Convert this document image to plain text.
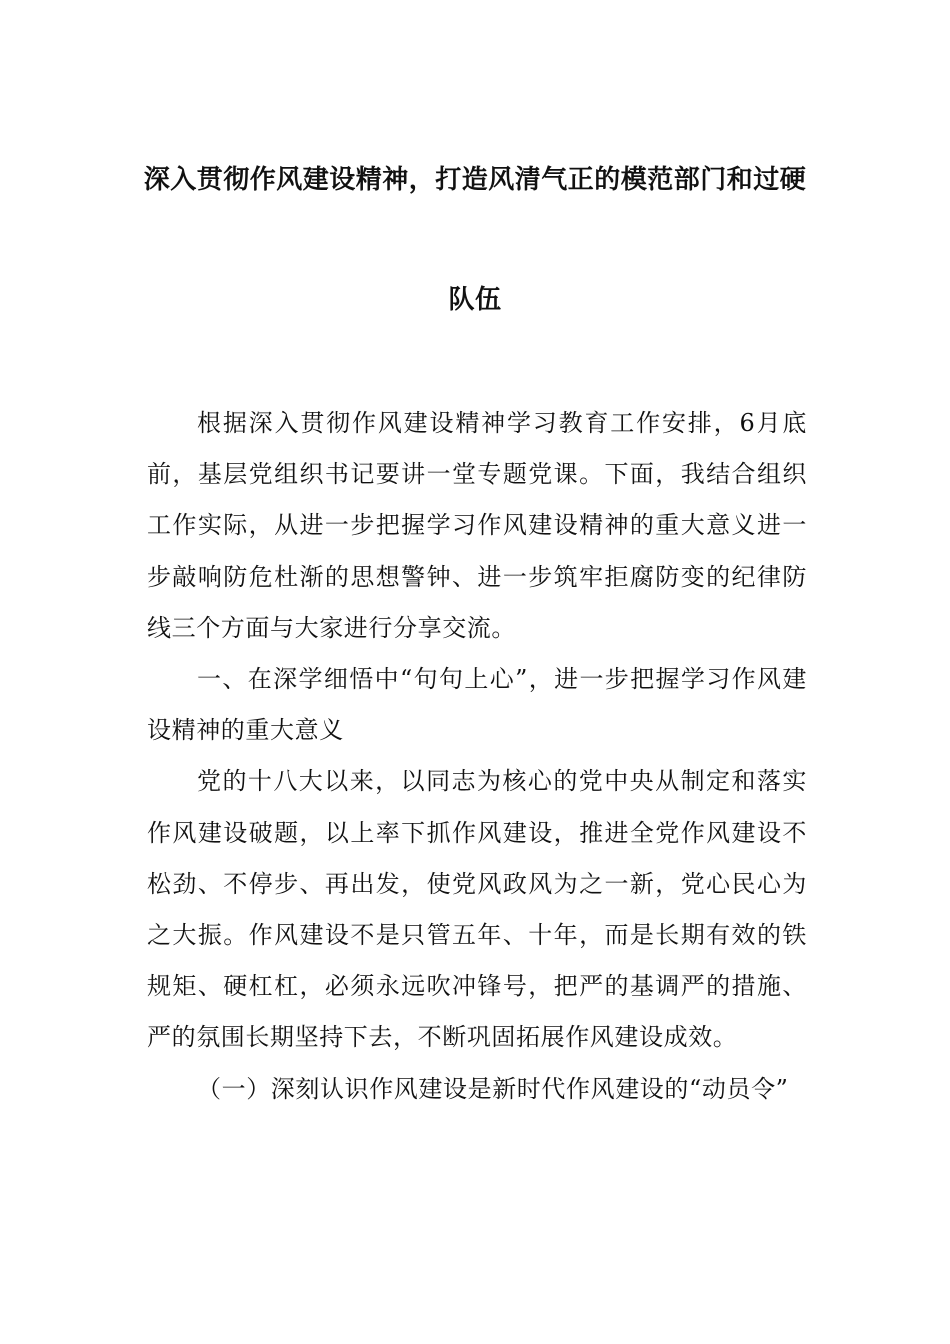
深入贯彻作风建设精神，打造风清气正的模范部门和过硬
队伍

根据深入贯彻作风建设精神学习教育工作安排，6月底前，基层党组织书记要讲一堂专题党课。下面，我结合组织工作实际，从进一步把握学习作风建设精神的重大意义进一步敲响防危杜渐的思想警钟、进一步筑牢拒腐防变的纪律防线三个方面与大家进行分享交流。

一、在深学细悟中“句句上心”，进一步把握学习作风建设精神的重大意义

党的十八大以来，以同志为核心的党中央从制定和落实作风建设破题，以上率下抓作风建设，推进全党作风建设不松劲、不停步、再出发，使党风政风为之一新，党心民心为之大振。作风建设不是只管五年、十年，而是长期有效的铁规矩、硬杠杠，必须永远吹冲锋号，把严的基调严的措施、严的氛围长期坚持下去，不断巩固拓展作风建设成效。

（一）深刻认识作风建设是新时代作风建设的“动员令”
